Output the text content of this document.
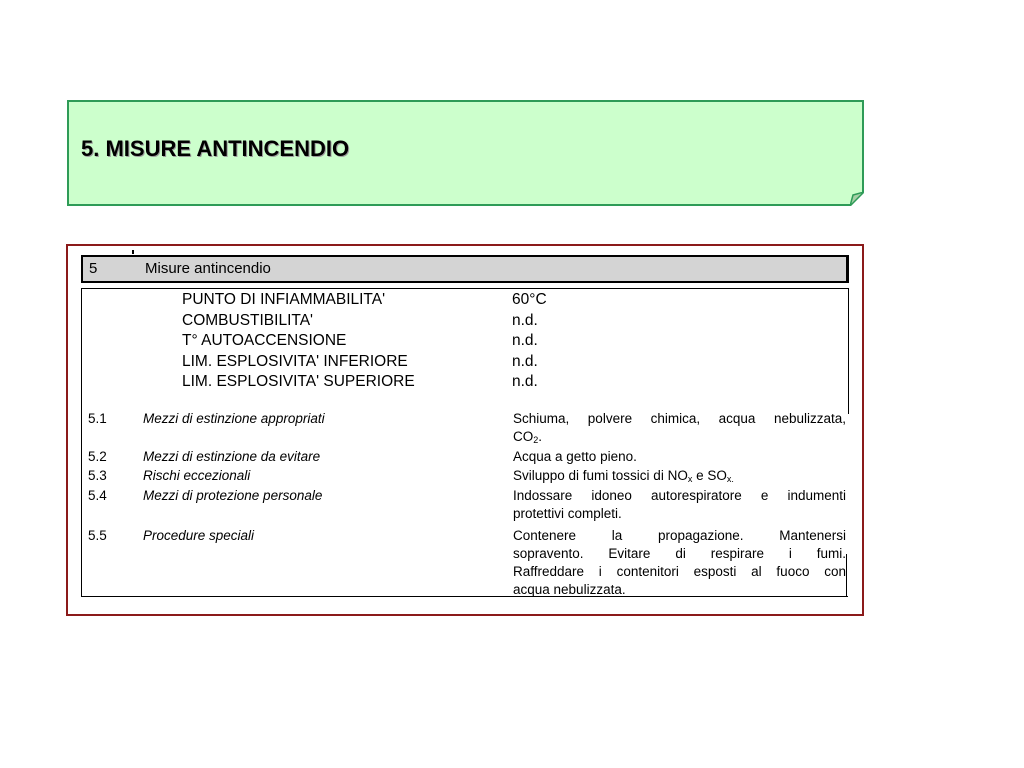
5. MISURE ANTINCENDIO
5	Misure antincendio
PUNTO DI INFIAMMABILITA'	60°C
COMBUSTIBILITA'	n.d.
T° AUTOACCENSIONE	n.d.
LIM. ESPLOSIVITA' INFERIORE	n.d.
LIM. ESPLOSIVITA' SUPERIORE	n.d.
5.1	Mezzi di estinzione appropriati	Schiuma, polvere chimica, acqua nebulizzata,
$CO_2$.
5.2	Mezzi di estinzione da evitare	Acqua a getto pieno.
5.3	Rischi eccezionali	Sviluppo di fumi tossici di $NO_x$ e $SO_{x.}$
5.4	Mezzi di protezione personale	Indossare idoneo autorespiratore e indumenti
protettivi completi.
5.5	Procedure speciali	Contenere la propagazione. Mantenersi
sopravento. Evitare di respirare i fumi.
Raffreddare i contenitori esposti al fuoco con
acqua nebulizzata.
